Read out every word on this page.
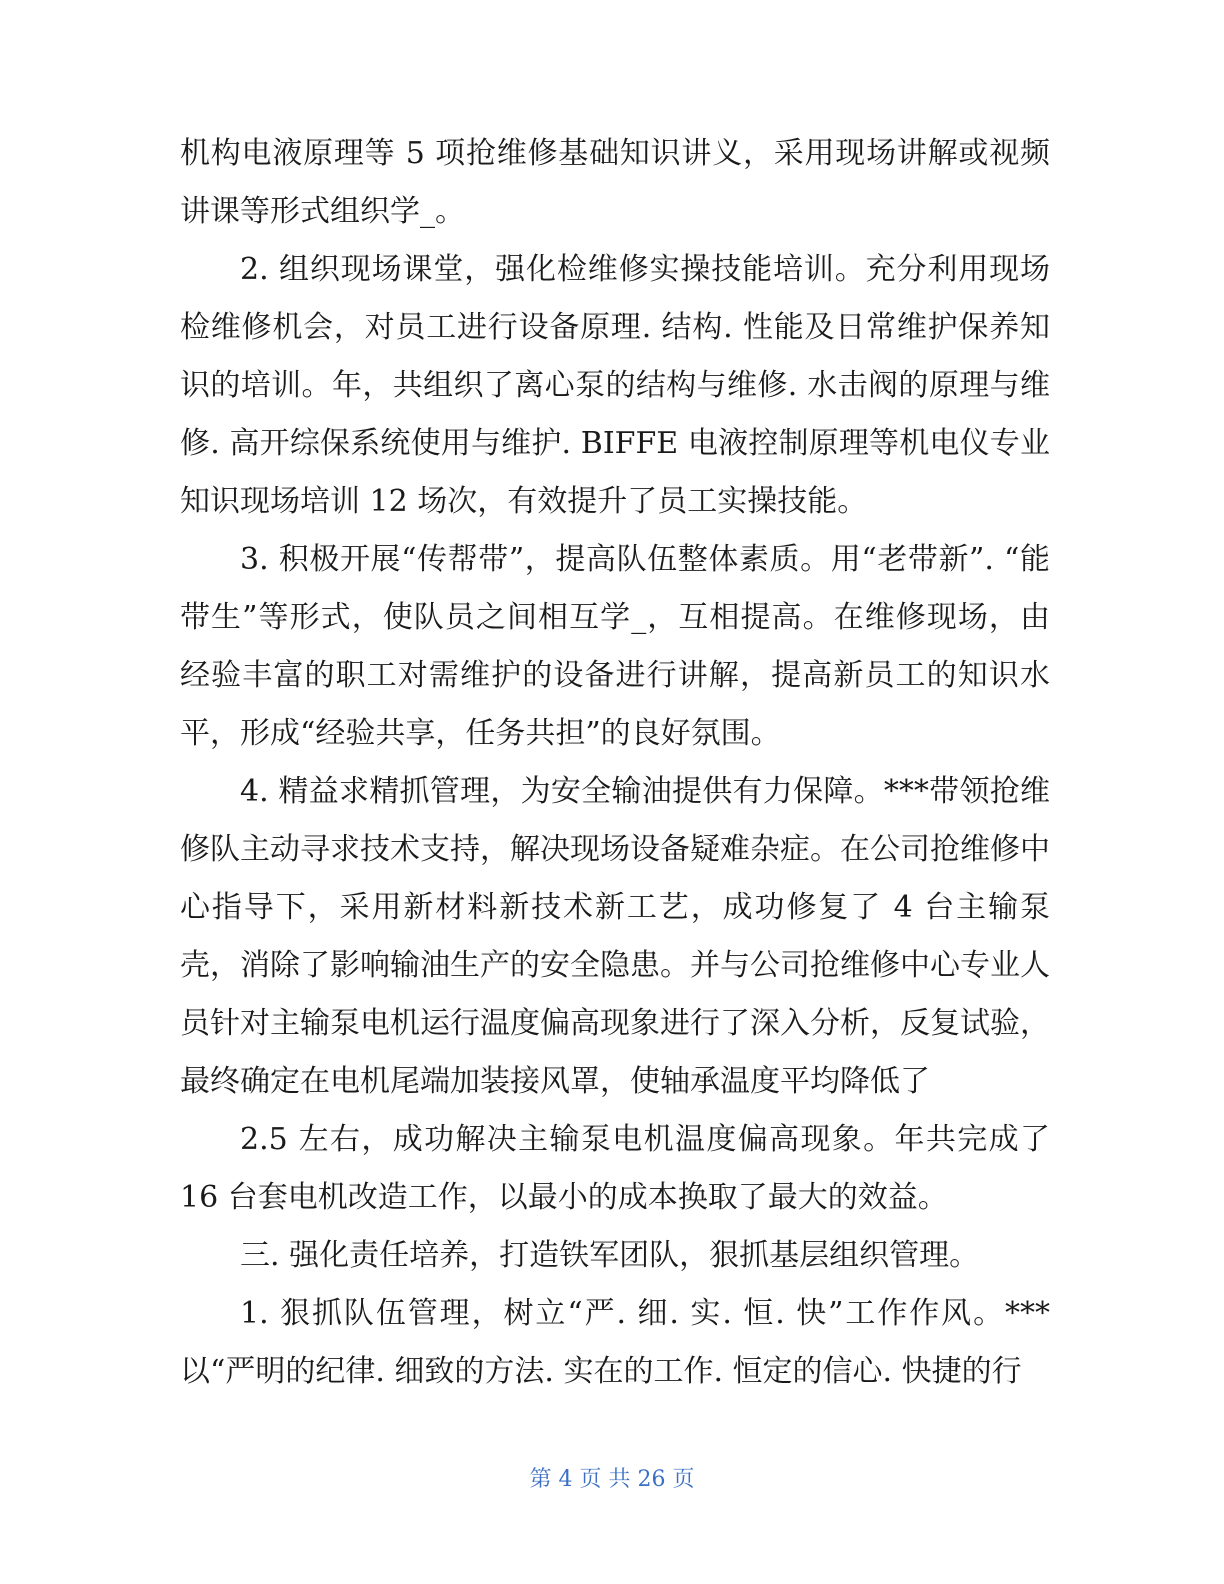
机构电液原理等 5 项抢维修基础知识讲义，采用现场讲解或视频讲课等形式组织学_。

2. 组织现场课堂，强化检维修实操技能培训。充分利用现场检维修机会，对员工进行设备原理. 结构. 性能及日常维护保养知识的培训。年，共组织了离心泵的结构与维修. 水击阀的原理与维修. 高开综保系统使用与维护. BIFFE 电液控制原理等机电仪专业知识现场培训 12 场次，有效提升了员工实操技能。

3. 积极开展“传帮带”，提高队伍整体素质。用“老带新”. “能带生”等形式，使队员之间相互学_，互相提高。在维修现场，由经验丰富的职工对需维护的设备进行讲解，提高新员工的知识水平，形成“经验共享，任务共担”的良好氛围。

4. 精益求精抓管理，为安全输油提供有力保障。***带领抢维修队主动寻求技术支持，解决现场设备疑难杂症。在公司抢维修中心指导下，采用新材料新技术新工艺，成功修复了 4 台主输泵壳，消除了影响输油生产的安全隐患。并与公司抢维修中心专业人员针对主输泵电机运行温度偏高现象进行了深入分析，反复试验，最终确定在电机尾端加装接风罩，使轴承温度平均降低了

2.5 左右，成功解决主输泵电机温度偏高现象。年共完成了 16 台套电机改造工作，以最小的成本换取了最大的效益。

三. 强化责任培养，打造铁军团队，狠抓基层组织管理。

1. 狠抓队伍管理，树立“严. 细. 实. 恒. 快”工作作风。***以“严明的纪律. 细致的方法. 实在的工作. 恒定的信心. 快捷的行

第 4 页 共 26 页
